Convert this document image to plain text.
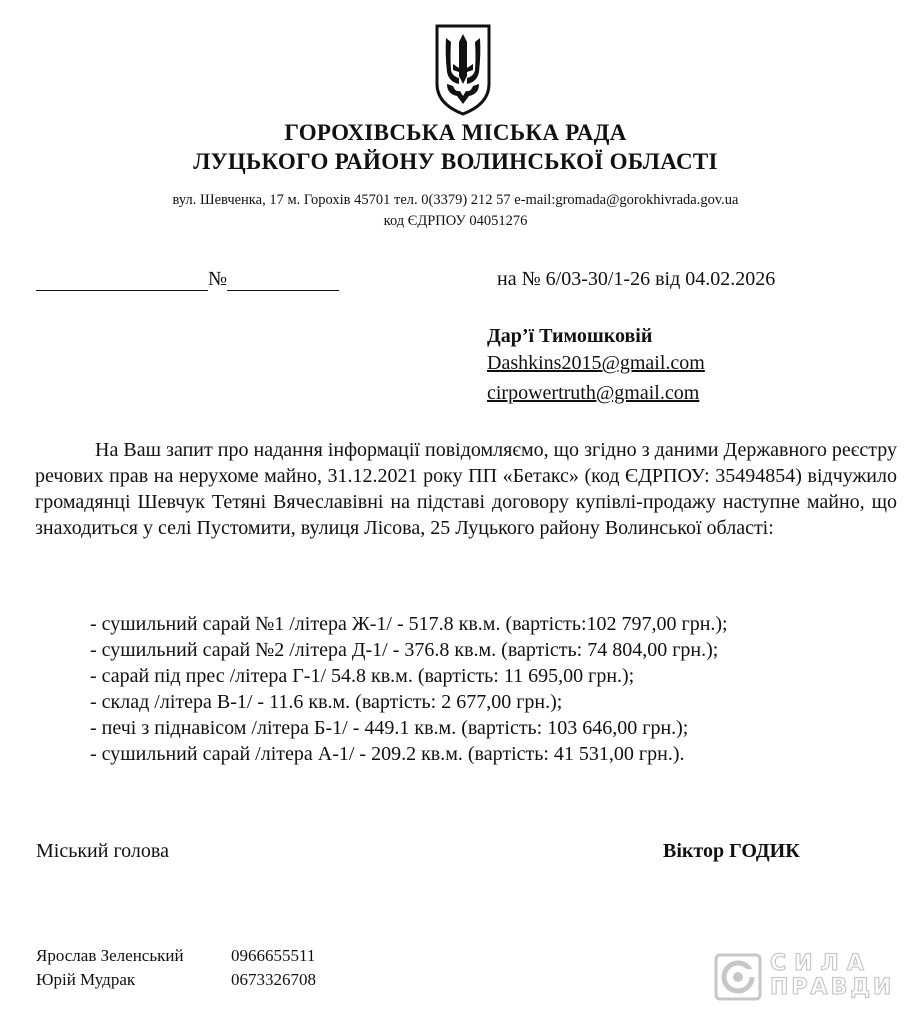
ГОРОХІВСЬКА МІСЬКА РАДА
ЛУЦЬКОГО РАЙОНУ ВОЛИНСЬКОЇ ОБЛАСТІ
вул. Шевченка, 17 м. Горохів 45701 тел. 0(3379) 212 57 e-mail:gromada@gorokhivrada.gov.ua
код ЄДРПОУ 04051276
№	на № 6/03-30/1-26 від 04.02.2026
Дар’ї Тимошковій
Dashkins2015@gmail.com
cirpowertruth@gmail.com

На Ваш запит про надання інформації повідомляємо, що згідно з даними Державного реєстру речових прав на нерухоме майно, 31.12.2021 року ПП «Бетакс» (код ЄДРПОУ: 35494854) відчужило громадянці Шевчук Тетяні Вячеславівні на підставі договору купівлі-продажу наступне майно, що знаходиться у селі Пустомити, вулиця Лісова, 25 Луцького району Волинської області:

- сушильний сарай №1 /літера Ж-1/ - 517.8 кв.м. (вартість:102 797,00 грн.);
- сушильний сарай №2 /літера Д-1/ - 376.8 кв.м. (вартість: 74 804,00 грн.);
- сарай під прес /літера Г-1/ 54.8 кв.м. (вартість: 11 695,00 грн.);
- склад /літера В-1/ - 11.6 кв.м. (вартість: 2 677,00 грн.);
- печі з піднавісом /літера Б-1/ - 449.1 кв.м. (вартість: 103 646,00 грн.);
- сушильний сарай /літера А-1/ - 209.2 кв.м. (вартість: 41 531,00 грн.).
Міський голова	Віктор ГОДИК
Ярослав Зеленський	0966655511
Юрій Мудрак	0673326708
СИЛА
ПРАВДИ
